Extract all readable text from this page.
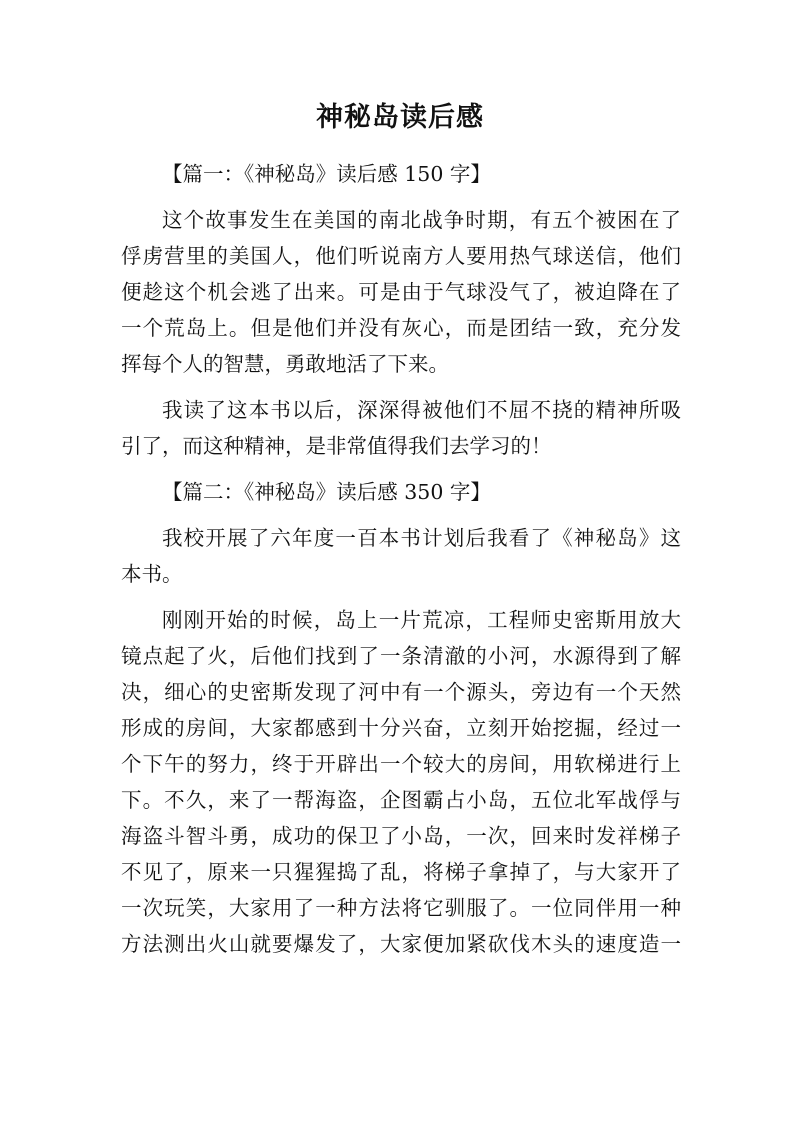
神秘岛读后感
【篇一：《神秘岛》读后感 150 字】
这个故事发生在美国的南北战争时期，有五个被困在了
俘虏营里的美国人，他们听说南方人要用热气球送信，他们
便趁这个机会逃了出来。可是由于气球没气了，被迫降在了
一个荒岛上。但是他们并没有灰心，而是团结一致，充分发
挥每个人的智慧，勇敢地活了下来。
我读了这本书以后，深深得被他们不屈不挠的精神所吸
引了，而这种精神，是非常值得我们去学习的！
【篇二：《神秘岛》读后感 350 字】
我校开展了六年度一百本书计划后我看了《神秘岛》这
本书。
刚刚开始的时候，岛上一片荒凉，工程师史密斯用放大
镜点起了火，后他们找到了一条清澈的小河，水源得到了解
决，细心的史密斯发现了河中有一个源头，旁边有一个天然
形成的房间，大家都感到十分兴奋，立刻开始挖掘，经过一
个下午的努力，终于开辟出一个较大的房间，用软梯进行上
下。不久，来了一帮海盗，企图霸占小岛，五位北军战俘与
海盗斗智斗勇，成功的保卫了小岛，一次，回来时发祥梯子
不见了，原来一只猩猩捣了乱，将梯子拿掉了，与大家开了
一次玩笑，大家用了一种方法将它驯服了。一位同伴用一种
方法测出火山就要爆发了，大家便加紧砍伐木头的速度造一
